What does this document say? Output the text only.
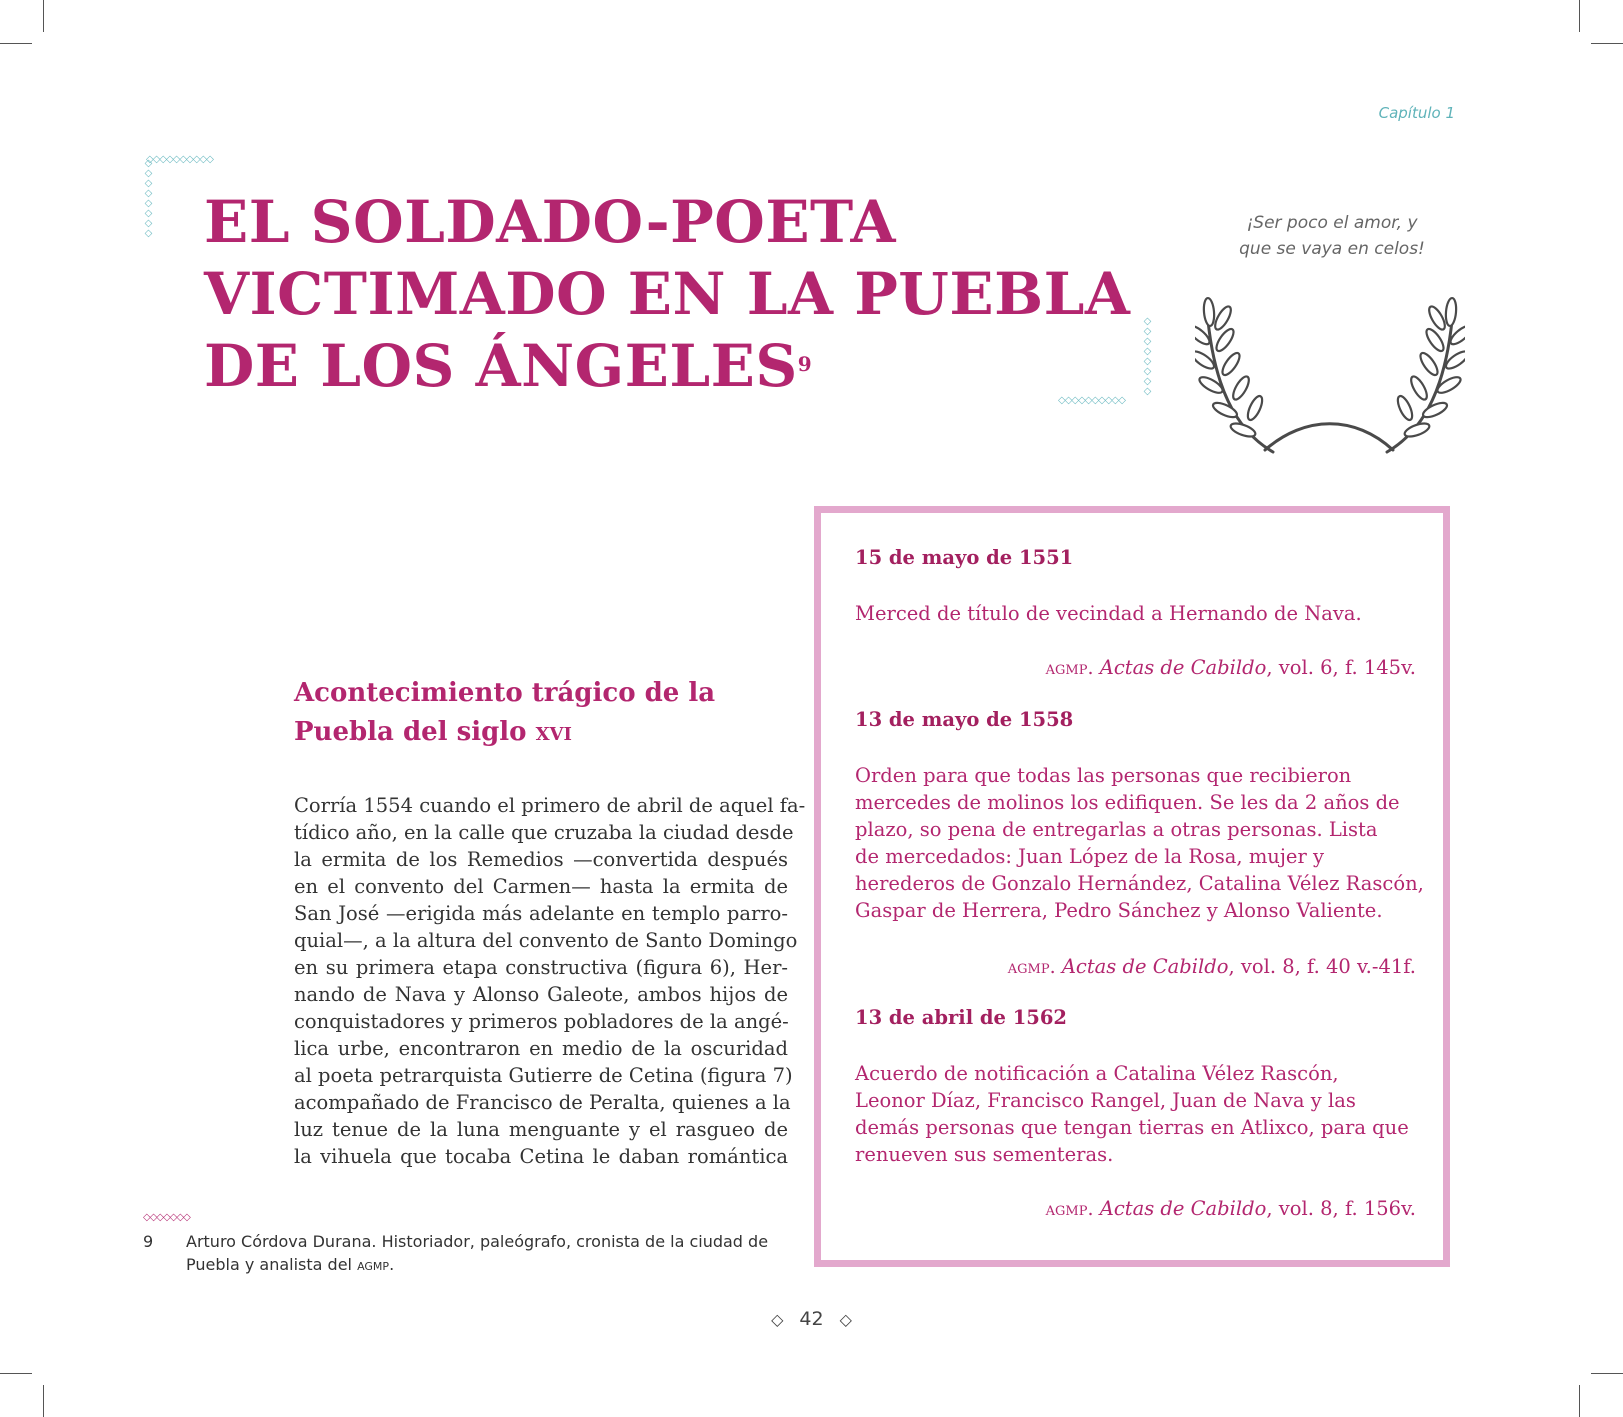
Capítulo 1
◇◇◇◇◇◇◇◇◇◇
◇◇◇◇◇◇◇◇
◇◇◇◇◇◇◇◇◇◇
◇◇◇◇◇◇◇◇
EL SOLDADO-POETA
VICTIMADO EN LA PUEBLA
DE LOS ÁNGELES$^9$
¡Ser poco el amor, y
que se vaya en celos!
Acontecimiento trágico de la
Puebla del siglo xvi
Corría 1554 cuando el primero de abril de aquel fa-
tídico año, en la calle que cruzaba la ciudad desde
la ermita de los Remedios —convertida después
en el convento del Carmen— hasta la ermita de
San José —erigida más adelante en templo parro-
quial—, a la altura del convento de Santo Domingo
en su primera etapa constructiva (figura 6), Her-
nando de Nava y Alonso Galeote, ambos hijos de
conquistadores y primeros pobladores de la angé-
lica urbe, encontraron en medio de la oscuridad
al poeta petrarquista Gutierre de Cetina (figura 7)
acompañado de Francisco de Peralta, quienes a la
luz tenue de la luna menguante y el rasgueo de
la vihuela que tocaba Cetina le daban romántica
◇◇◇◇◇◇◇
9 Arturo Córdova Durana. Historiador, paleógrafo, cronista de la ciudad de Puebla y analista del agmp.
15 de mayo de 1551
Merced de título de vecindad a Hernando de Nava.
agmp. Actas de Cabildo, vol. 6, f. 145v.
13 de mayo de 1558
Orden para que todas las personas que recibieron
mercedes de molinos los edifiquen. Se les da 2 años de
plazo, so pena de entregarlas a otras personas. Lista
de mercedados: Juan López de la Rosa, mujer y
herederos de Gonzalo Hernández, Catalina Vélez Rascón,
Gaspar de Herrera, Pedro Sánchez y Alonso Valiente.
agmp. Actas de Cabildo, vol. 8, f. 40 v.-41f.
13 de abril de 1562
Acuerdo de notificación a Catalina Vélez Rascón,
Leonor Díaz, Francisco Rangel, Juan de Nava y las
demás personas que tengan tierras en Atlixco, para que
renueven sus sementeras.
agmp. Actas de Cabildo, vol. 8, f. 156v.
◇ 42 ◇
